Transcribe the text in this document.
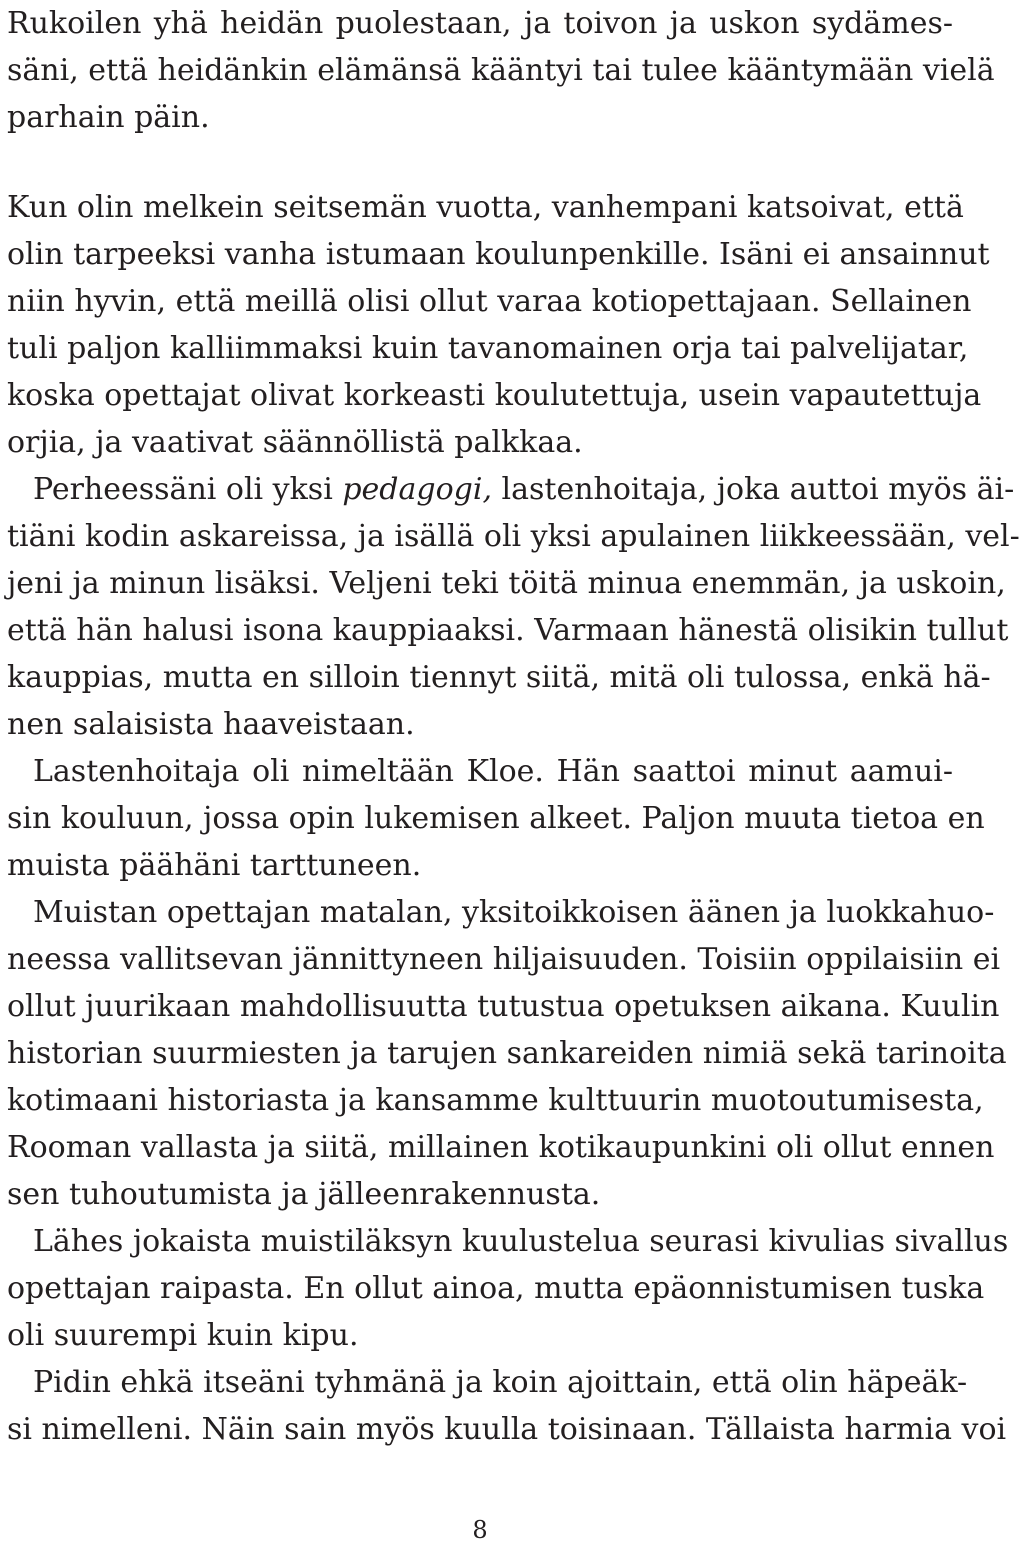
Rukoilen yhä heidän puolestaan, ja toivon ja uskon sydämes-
säni, että heidänkin elämänsä kääntyi tai tulee kääntymään vielä
parhain päin.
Kun olin melkein seitsemän vuotta, vanhempani katsoivat, että
olin tarpeeksi vanha istumaan koulunpenkille. Isäni ei ansainnut
niin hyvin, että meillä olisi ollut varaa kotiopettajaan. Sellainen
tuli paljon kalliimmaksi kuin tavanomainen orja tai palvelijatar,
koska opettajat olivat korkeasti koulutettuja, usein vapautettuja
orjia, ja vaativat säännöllistä palkkaa.
Perheessäni oli yksi pedagogi, lastenhoitaja, joka auttoi myös äi-
tiäni kodin askareissa, ja isällä oli yksi apulainen liikkeessään, vel-
jeni ja minun lisäksi. Veljeni teki töitä minua enemmän, ja uskoin,
että hän halusi isona kauppiaaksi. Varmaan hänestä olisikin tullut
kauppias, mutta en silloin tiennyt siitä, mitä oli tulossa, enkä hä-
nen salaisista haaveistaan.
Lastenhoitaja oli nimeltään Kloe. Hän saattoi minut aamui-
sin kouluun, jossa opin lukemisen alkeet. Paljon muuta tietoa en
muista päähäni tarttuneen.
Muistan opettajan matalan, yksitoikkoisen äänen ja luokkahuo-
neessa vallitsevan jännittyneen hiljaisuuden. Toisiin oppilaisiin ei
ollut juurikaan mahdollisuutta tutustua opetuksen aikana. Kuulin
historian suurmiesten ja tarujen sankareiden nimiä sekä tarinoita
kotimaani historiasta ja kansamme kulttuurin muotoutumisesta,
Rooman vallasta ja siitä, millainen kotikaupunkini oli ollut ennen
sen tuhoutumista ja jälleenrakennusta.
Lähes jokaista muistiläksyn kuulustelua seurasi kivulias sivallus
opettajan raipasta. En ollut ainoa, mutta epäonnistumisen tuska
oli suurempi kuin kipu.
Pidin ehkä itseäni tyhmänä ja koin ajoittain, että olin häpeäk-
si nimelleni. Näin sain myös kuulla toisinaan. Tällaista harmia voi
8
